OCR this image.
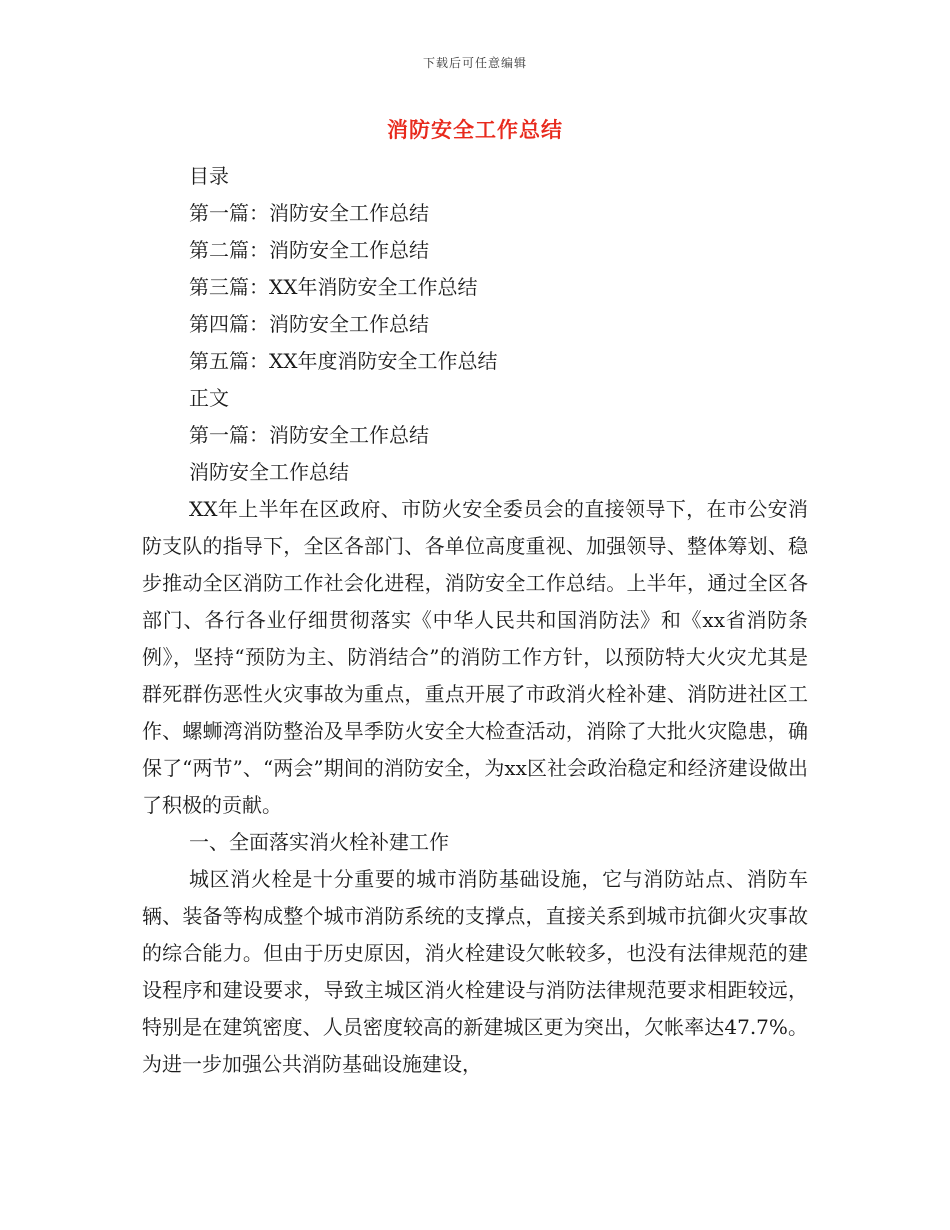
下载后可任意编辑
消防安全工作总结

目录

第一篇：消防安全工作总结

第二篇：消防安全工作总结

第三篇：XX年消防安全工作总结

第四篇：消防安全工作总结

第五篇：XX年度消防安全工作总结

正文

第一篇：消防安全工作总结

消防安全工作总结

XX年上半年在区政府、市防火安全委员会的直接领导下，在市公安消防支队的指导下，全区各部门、各单位高度重视、加强领导、整体筹划、稳步推动全区消防工作社会化进程，消防安全工作总结。上半年，通过全区各部门、各行各业仔细贯彻落实《中华人民共和国消防法》和《xx省消防条例》，坚持“预防为主、防消结合”的消防工作方针，以预防特大火灾尤其是群死群伤恶性火灾事故为重点，重点开展了市政消火栓补建、消防进社区工作、螺蛳湾消防整治及旱季防火安全大检查活动，消除了大批火灾隐患，确保了“两节”、“两会”期间的消防安全，为xx区社会政治稳定和经济建设做出了积极的贡献。

一、全面落实消火栓补建工作

城区消火栓是十分重要的城市消防基础设施，它与消防站点、消防车辆、装备等构成整个城市消防系统的支撑点，直接关系到城市抗御火灾事故的综合能力。但由于历史原因，消火栓建设欠帐较多，也没有法律规范的建设程序和建设要求，导致主城区消火栓建设与消防法律规范要求相距较远，特别是在建筑密度、人员密度较高的新建城区更为突出，欠帐率达47.7%。为进一步加强公共消防基础设施建设，
